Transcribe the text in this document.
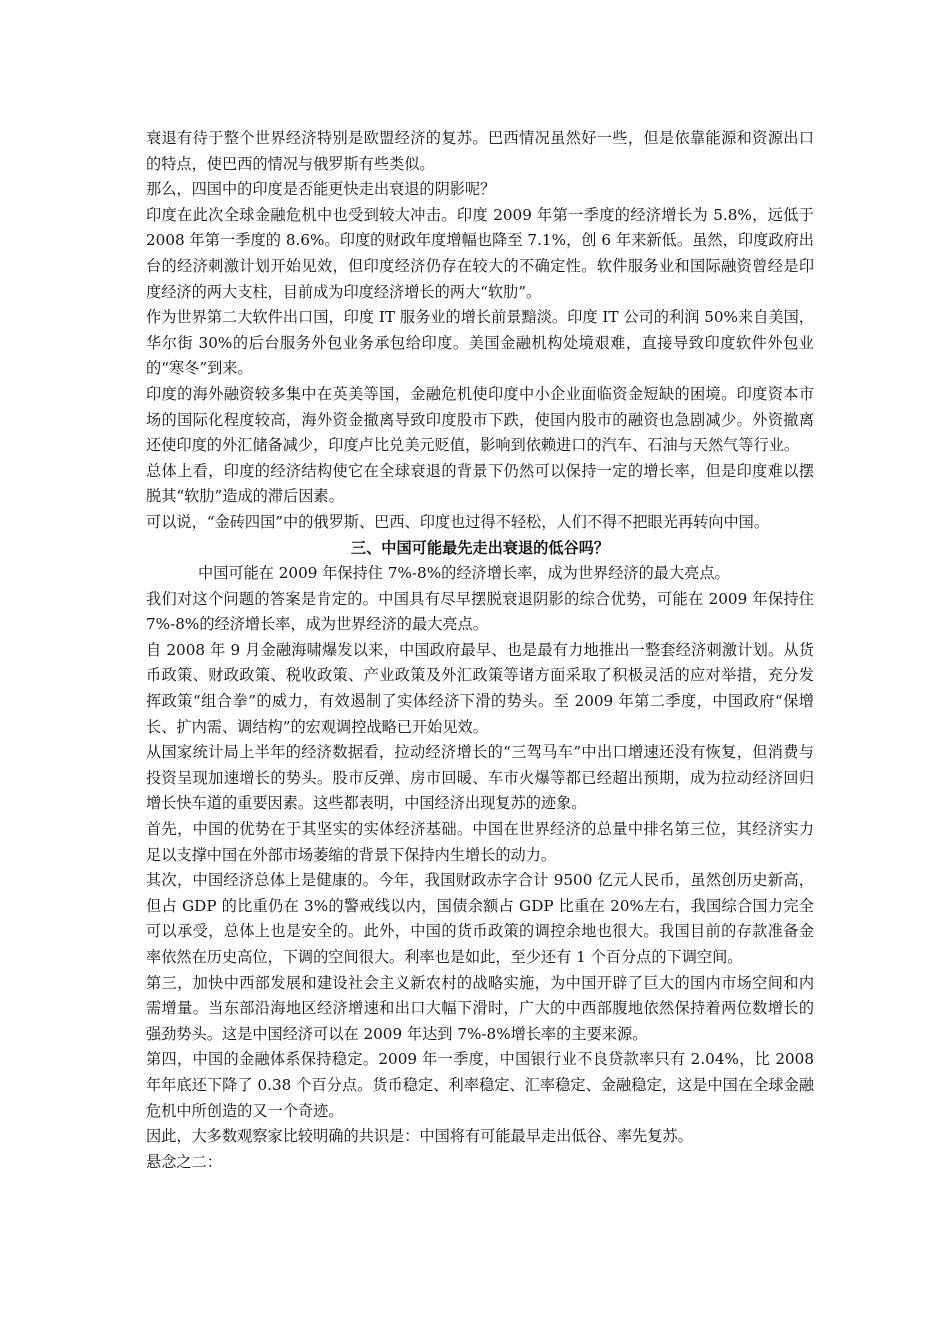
衰退有待于整个世界经济特别是欧盟经济的复苏。巴西情况虽然好一些，但是依靠能源和资源出口的特点，使巴西的情况与俄罗斯有些类似。

那么，四国中的印度是否能更快走出衰退的阴影呢？

印度在此次全球金融危机中也受到较大冲击。印度 2009 年第一季度的经济增长为 5.8%，远低于 2008 年第一季度的 8.6%。印度的财政年度增幅也降至 7.1%，创 6 年来新低。虽然，印度政府出台的经济刺激计划开始见效，但印度经济仍存在较大的不确定性。软件服务业和国际融资曾经是印度经济的两大支柱，目前成为印度经济增长的两大“软肋”。

作为世界第二大软件出口国，印度 IT 服务业的增长前景黯淡。印度 IT 公司的利润 50%来自美国，华尔街 30%的后台服务外包业务承包给印度。美国金融机构处境艰难，直接导致印度软件外包业的“寒冬”到来。

印度的海外融资较多集中在英美等国，金融危机使印度中小企业面临资金短缺的困境。印度资本市场的国际化程度较高，海外资金撤离导致印度股市下跌，使国内股市的融资也急剧减少。外资撤离还使印度的外汇储备减少，印度卢比兑美元贬值，影响到依赖进口的汽车、石油与天然气等行业。

总体上看，印度的经济结构使它在全球衰退的背景下仍然可以保持一定的增长率，但是印度难以摆脱其“软肋”造成的滞后因素。

可以说，“金砖四国”中的俄罗斯、巴西、印度也过得不轻松，人们不得不把眼光再转向中国。

三、中国可能最先走出衰退的低谷吗？

中国可能在 2009 年保持住 7%-8%的经济增长率，成为世界经济的最大亮点。

我们对这个问题的答案是肯定的。中国具有尽早摆脱衰退阴影的综合优势，可能在 2009 年保持住 7%-8%的经济增长率，成为世界经济的最大亮点。

自 2008 年 9 月金融海啸爆发以来，中国政府最早、也是最有力地推出一整套经济刺激计划。从货币政策、财政政策、税收政策、产业政策及外汇政策等诸方面采取了积极灵活的应对举措，充分发挥政策“组合拳”的威力，有效遏制了实体经济下滑的势头。至 2009 年第二季度，中国政府“保增长、扩内需、调结构”的宏观调控战略已开始见效。

从国家统计局上半年的经济数据看，拉动经济增长的“三驾马车”中出口增速还没有恢复，但消费与投资呈现加速增长的势头。股市反弹、房市回暖、车市火爆等都已经超出预期，成为拉动经济回归增长快车道的重要因素。这些都表明，中国经济出现复苏的迹象。

首先，中国的优势在于其坚实的实体经济基础。中国在世界经济的总量中排名第三位，其经济实力足以支撑中国在外部市场萎缩的背景下保持内生增长的动力。

其次，中国经济总体上是健康的。今年，我国财政赤字合计 9500 亿元人民币，虽然创历史新高，但占 GDP 的比重仍在 3%的警戒线以内，国债余额占 GDP 比重在 20%左右，我国综合国力完全可以承受，总体上也是安全的。此外，中国的货币政策的调控余地也很大。我国目前的存款准备金率依然在历史高位，下调的空间很大。利率也是如此，至少还有 1 个百分点的下调空间。

第三，加快中西部发展和建设社会主义新农村的战略实施，为中国开辟了巨大的国内市场空间和内需增量。当东部沿海地区经济增速和出口大幅下滑时，广大的中西部腹地依然保持着两位数增长的强劲势头。这是中国经济可以在 2009 年达到 7%-8%增长率的主要来源。

第四，中国的金融体系保持稳定。2009 年一季度，中国银行业不良贷款率只有 2.04%，比 2008 年年底还下降了 0.38 个百分点。货币稳定、利率稳定、汇率稳定、金融稳定，这是中国在全球金融危机中所创造的又一个奇迹。

因此，大多数观察家比较明确的共识是：中国将有可能最早走出低谷、率先复苏。

悬念之二：
